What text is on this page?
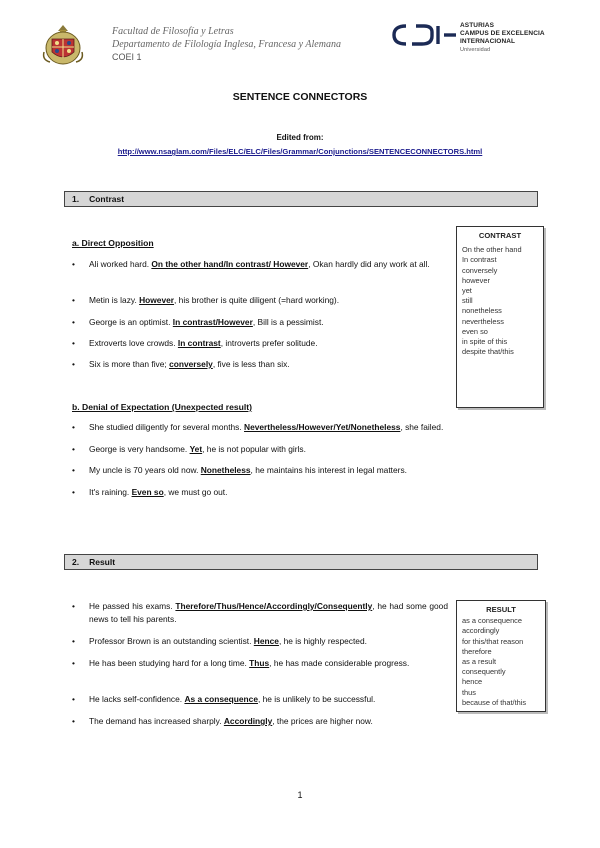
Facultad de Filosofía y Letras
Departamento de Filología Inglesa, Francesa y Alemana
COEI 1
ASTURIAS
CAMPUS DE EXCELENCIA
INTERNACIONAL
Universidad
SENTENCE CONNECTORS
Edited from:
http://www.nsaglam.com/Files/ELC/ELC/Files/Grammar/Conjunctions/SENTENCECONNECTORS.html
1. Contrast
CONTRAST
On the other hand
In contrast
conversely
however
yet
still
nonetheless
nevertheless
even so
in spite of this
despite that/this
a. Direct Opposition
• Ali worked hard. On the other hand/In contrast/ However, Okan hardly did any work at all.
• Metin is lazy. However, his brother is quite diligent (=hard working).
• George is an optimist. In contrast/However, Bill is a pessimist.
• Extroverts love crowds. In contrast, introverts prefer solitude.
• Six is more than five; conversely, five is less than six.
b. Denial of Expectation (Unexpected result)
• She studied diligently for several months. Nevertheless/However/Yet/Nonetheless, she failed.
• George is very handsome. Yet, he is not popular with girls.
• My uncle is 70 years old now. Nonetheless, he maintains his interest in legal matters.
• It's raining. Even so, we must go out.
2. Result
RESULT
as a consequence
accordingly
for this/that reason
therefore
as a result
consequently
hence
thus
because of that/this
• He passed his exams. Therefore/Thus/Hence/Accordingly/Consequently, he had some good news to tell his parents.
• Professor Brown is an outstanding scientist. Hence, he is highly respected.
• He has been studying hard for a long time. Thus, he has made considerable progress.
• He lacks self-confidence. As a consequence, he is unlikely to be successful.
• The demand has increased sharply. Accordingly, the prices are higher now.
1
